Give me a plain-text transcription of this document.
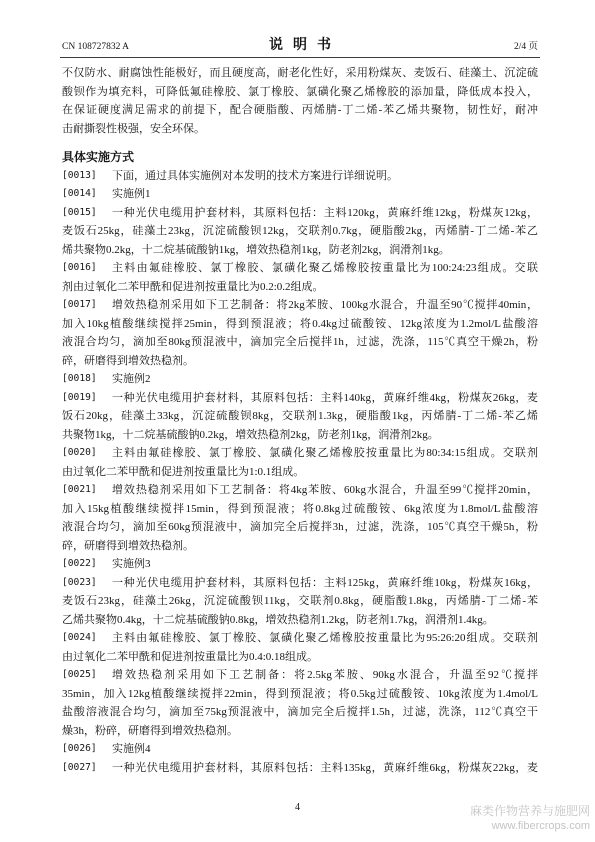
CN 108727832 A	说明书	2/4 页
不仅防水、耐腐蚀性能极好，而且硬度高，耐老化性好，采用粉煤灰、麦饭石、硅藻土、沉淀硫
酸钡作为填充料，可降低氟硅橡胶、氯丁橡胶、氯磺化聚乙烯橡胶的添加量，降低成本投入，
在保证硬度满足需求的前提下，配合硬脂酸、丙烯腈-丁二烯-苯乙烯共聚物，韧性好，耐冲
击耐撕裂性极强，安全环保。
具体实施方式
[0013]	下面，通过具体实施例对本发明的技术方案进行详细说明。
[0014]	实施例1
[0015]	一种光伏电缆用护套材料，其原料包括：主料120kg，黄麻纤维12kg，粉煤灰12kg，
麦饭石25kg，硅藻土23kg，沉淀硫酸钡12kg，交联剂0.7kg，硬脂酸2kg，丙烯腈-丁二烯-苯乙
烯共聚物0.2kg，十二烷基硫酸钠1kg，增效热稳剂1kg，防老剂2kg，润滑剂1kg。
[0016]	主料由氟硅橡胶、氯丁橡胶、氯磺化聚乙烯橡胶按重量比为100:24:23组成。交联
剂由过氧化二苯甲酰和促进剂按重量比为0.2:0.2组成。
[0017]	增效热稳剂采用如下工艺制备：将2kg苯胺、100kg水混合，升温至90℃搅拌40min，
加入10kg植酸继续搅拌25min，得到预混液；将0.4kg过硫酸铵、12kg浓度为1.2mol/L盐酸溶
液混合均匀，滴加至80kg预混液中，滴加完全后搅拌1h，过滤，洗涤，115℃真空干燥2h，粉
碎，研磨得到增效热稳剂。
[0018]	实施例2
[0019]	一种光伏电缆用护套材料，其原料包括：主料140kg，黄麻纤维4kg，粉煤灰26kg，麦
饭石20kg，硅藻土33kg，沉淀硫酸钡8kg，交联剂1.3kg，硬脂酸1kg，丙烯腈-丁二烯-苯乙烯
共聚物1kg，十二烷基硫酸钠0.2kg，增效热稳剂2kg，防老剂1kg，润滑剂2kg。
[0020]	主料由氟硅橡胶、氯丁橡胶、氯磺化聚乙烯橡胶按重量比为80:34:15组成。交联剂
由过氧化二苯甲酰和促进剂按重量比为1:0.1组成。
[0021]	增效热稳剂采用如下工艺制备：将4kg苯胺、60kg水混合，升温至99℃搅拌20min，
加入15kg植酸继续搅拌15min，得到预混液；将0.8kg过硫酸铵、6kg浓度为1.8mol/L盐酸溶
液混合均匀，滴加至60kg预混液中，滴加完全后搅拌3h，过滤，洗涤，105℃真空干燥5h，粉
碎，研磨得到增效热稳剂。
[0022]	实施例3
[0023]	一种光伏电缆用护套材料，其原料包括：主料125kg，黄麻纤维10kg，粉煤灰16kg，
麦饭石23kg，硅藻土26kg，沉淀硫酸钡11kg，交联剂0.8kg，硬脂酸1.8kg，丙烯腈-丁二烯-苯
乙烯共聚物0.4kg，十二烷基硫酸钠0.8kg，增效热稳剂1.2kg，防老剂1.7kg，润滑剂1.4kg。
[0024]	主料由氟硅橡胶、氯丁橡胶、氯磺化聚乙烯橡胶按重量比为95:26:20组成。交联剂
由过氧化二苯甲酰和促进剂按重量比为0.4:0.18组成。
[0025]	增效热稳剂采用如下工艺制备：将2.5kg苯胺、90kg水混合，升温至92℃搅拌
35min，加入12kg植酸继续搅拌22min，得到预混液；将0.5kg过硫酸铵、10kg浓度为1.4mol/L
盐酸溶液混合均匀，滴加至75kg预混液中，滴加完全后搅拌1.5h，过滤，洗涤，112℃真空干
燥3h，粉碎，研磨得到增效热稳剂。
[0026]	实施例4
[0027]	一种光伏电缆用护套材料，其原料包括：主料135kg，黄麻纤维6kg，粉煤灰22kg，麦
4	麻类作物营养与施肥网
www.fibercrops.com
